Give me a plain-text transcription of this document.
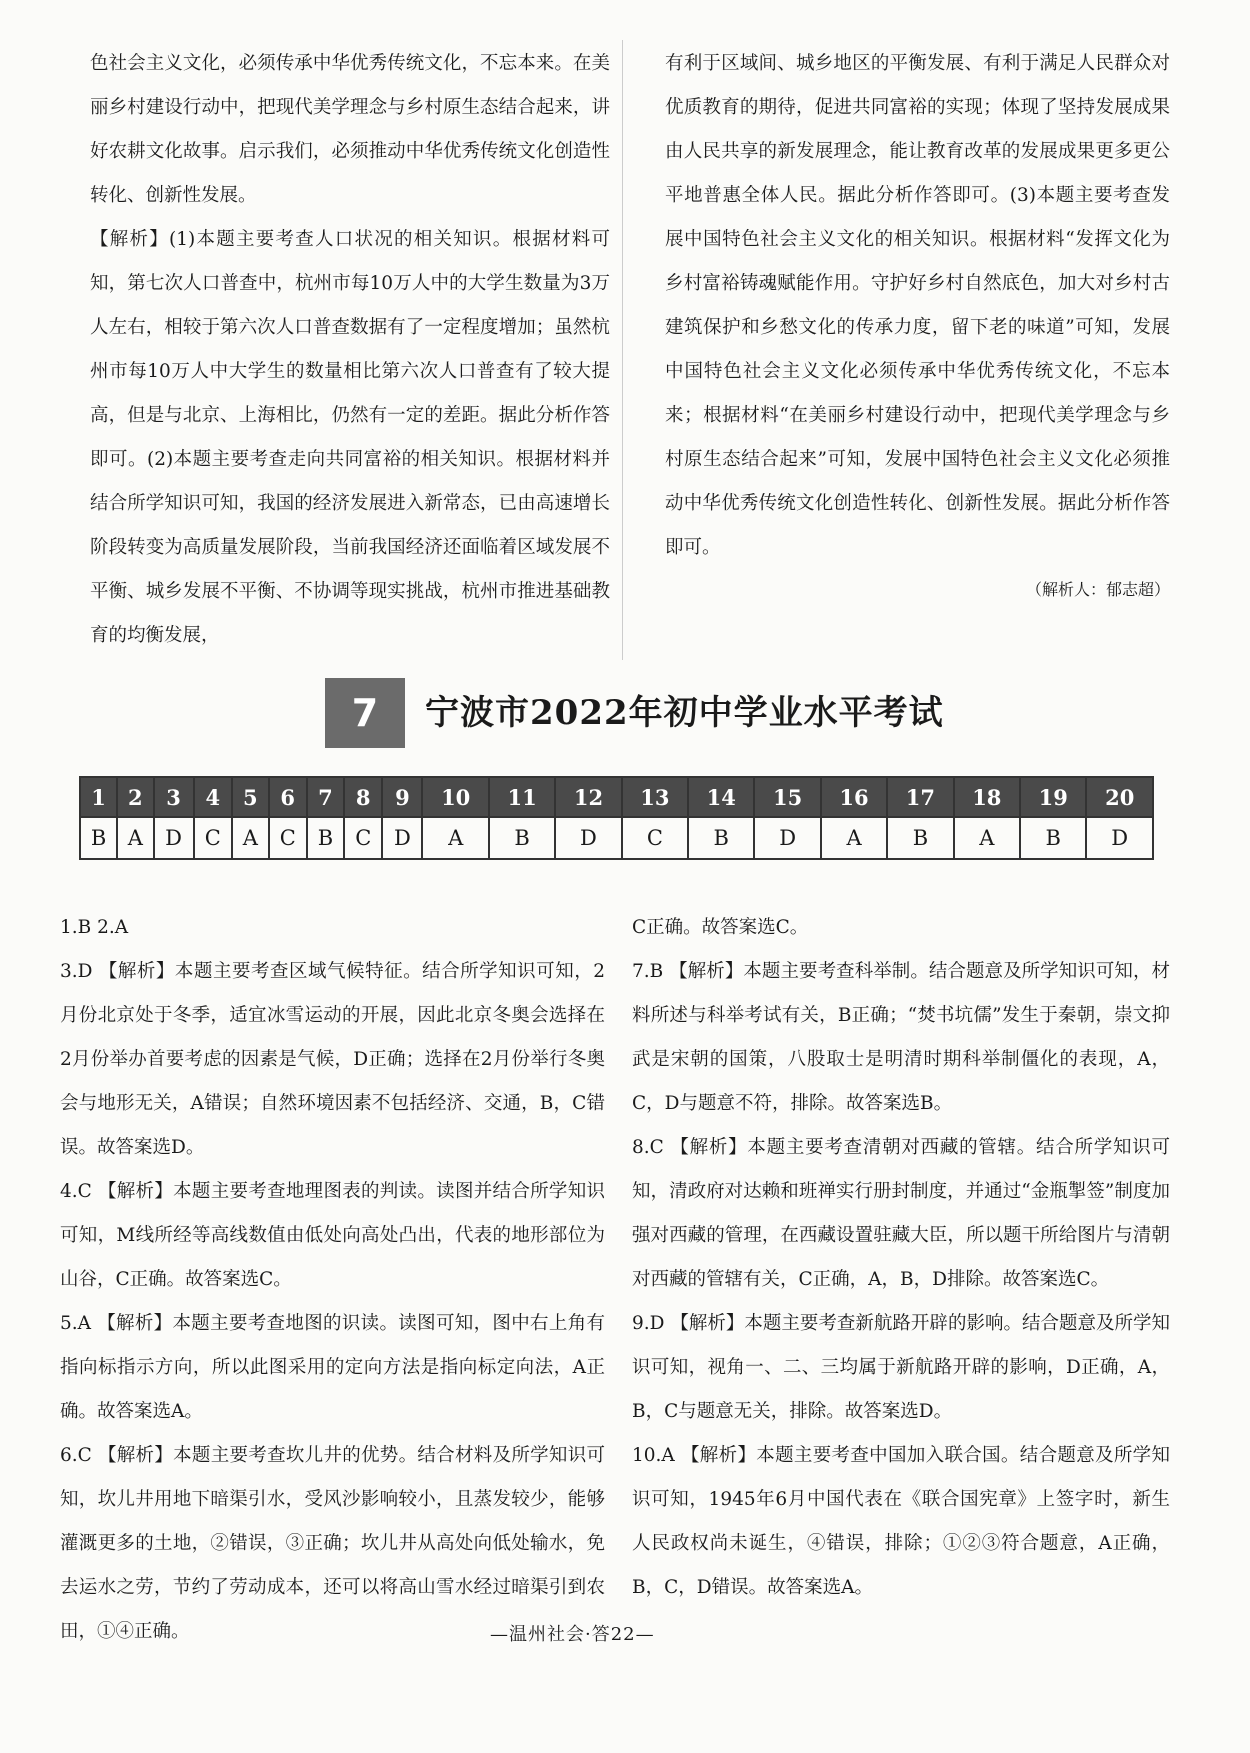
色社会主义文化，必须传承中华优秀传统文化，不忘本来。在美丽乡村建设行动中，把现代美学理念与乡村原生态结合起来，讲好农耕文化故事。启示我们，必须推动中华优秀传统文化创造性转化、创新性发展。

【解析】(1)本题主要考查人口状况的相关知识。根据材料可知，第七次人口普查中，杭州市每10万人中的大学生数量为3万人左右，相较于第六次人口普查数据有了一定程度增加；虽然杭州市每10万人中大学生的数量相比第六次人口普查有了较大提高，但是与北京、上海相比，仍然有一定的差距。据此分析作答即可。(2)本题主要考查走向共同富裕的相关知识。根据材料并结合所学知识可知，我国的经济发展进入新常态，已由高速增长阶段转变为高质量发展阶段，当前我国经济还面临着区域发展不平衡、城乡发展不平衡、不协调等现实挑战，杭州市推进基础教育的均衡发展，

有利于区域间、城乡地区的平衡发展、有利于满足人民群众对优质教育的期待，促进共同富裕的实现；体现了坚持发展成果由人民共享的新发展理念，能让教育改革的发展成果更多更公平地普惠全体人民。据此分析作答即可。(3)本题主要考查发展中国特色社会主义文化的相关知识。根据材料“发挥文化为乡村富裕铸魂赋能作用。守护好乡村自然底色，加大对乡村古建筑保护和乡愁文化的传承力度，留下老的味道”可知，发展中国特色社会主义文化必须传承中华优秀传统文化，不忘本来；根据材料“在美丽乡村建设行动中，把现代美学理念与乡村原生态结合起来”可知，发展中国特色社会主义文化必须推动中华优秀传统文化创造性转化、创新性发展。据此分析作答即可。

（解析人：郁志超）

7	宁波市2022年初中学业水平考试
1	2	3	4	5	6	7	8	9	10	11	12	13	14	15	16	17	18	19	20
B	A	D	C	A	C	B	C	D	A	B	D	C	B	D	A	B	A	B	D

1.B 2.A

3.D 【解析】本题主要考查区域气候特征。结合所学知识可知，2月份北京处于冬季，适宜冰雪运动的开展，因此北京冬奥会选择在2月份举办首要考虑的因素是气候，D正确；选择在2月份举行冬奥会与地形无关，A错误；自然环境因素不包括经济、交通，B，C错误。故答案选D。

4.C 【解析】本题主要考查地理图表的判读。读图并结合所学知识可知，M线所经等高线数值由低处向高处凸出，代表的地形部位为山谷，C正确。故答案选C。

5.A 【解析】本题主要考查地图的识读。读图可知，图中右上角有指向标指示方向，所以此图采用的定向方法是指向标定向法，A正确。故答案选A。

6.C 【解析】本题主要考查坎儿井的优势。结合材料及所学知识可知，坎儿井用地下暗渠引水，受风沙影响较小，且蒸发较少，能够灌溉更多的土地，②错误，③正确；坎儿井从高处向低处输水，免去运水之劳，节约了劳动成本，还可以将高山雪水经过暗渠引到农田，①④正确。

C正确。故答案选C。

7.B 【解析】本题主要考查科举制。结合题意及所学知识可知，材料所述与科举考试有关，B正确；“焚书坑儒”发生于秦朝，崇文抑武是宋朝的国策，八股取士是明清时期科举制僵化的表现，A，C，D与题意不符，排除。故答案选B。

8.C 【解析】本题主要考查清朝对西藏的管辖。结合所学知识可知，清政府对达赖和班禅实行册封制度，并通过“金瓶掣签”制度加强对西藏的管理，在西藏设置驻藏大臣，所以题干所给图片与清朝对西藏的管辖有关，C正确，A，B，D排除。故答案选C。

9.D 【解析】本题主要考查新航路开辟的影响。结合题意及所学知识可知，视角一、二、三均属于新航路开辟的影响，D正确，A，B，C与题意无关，排除。故答案选D。

10.A 【解析】本题主要考查中国加入联合国。结合题意及所学知识可知，1945年6月中国代表在《联合国宪章》上签字时，新生人民政权尚未诞生，④错误，排除；①②③符合题意，A正确，B，C，D错误。故答案选A。

—温州社会·答22—
